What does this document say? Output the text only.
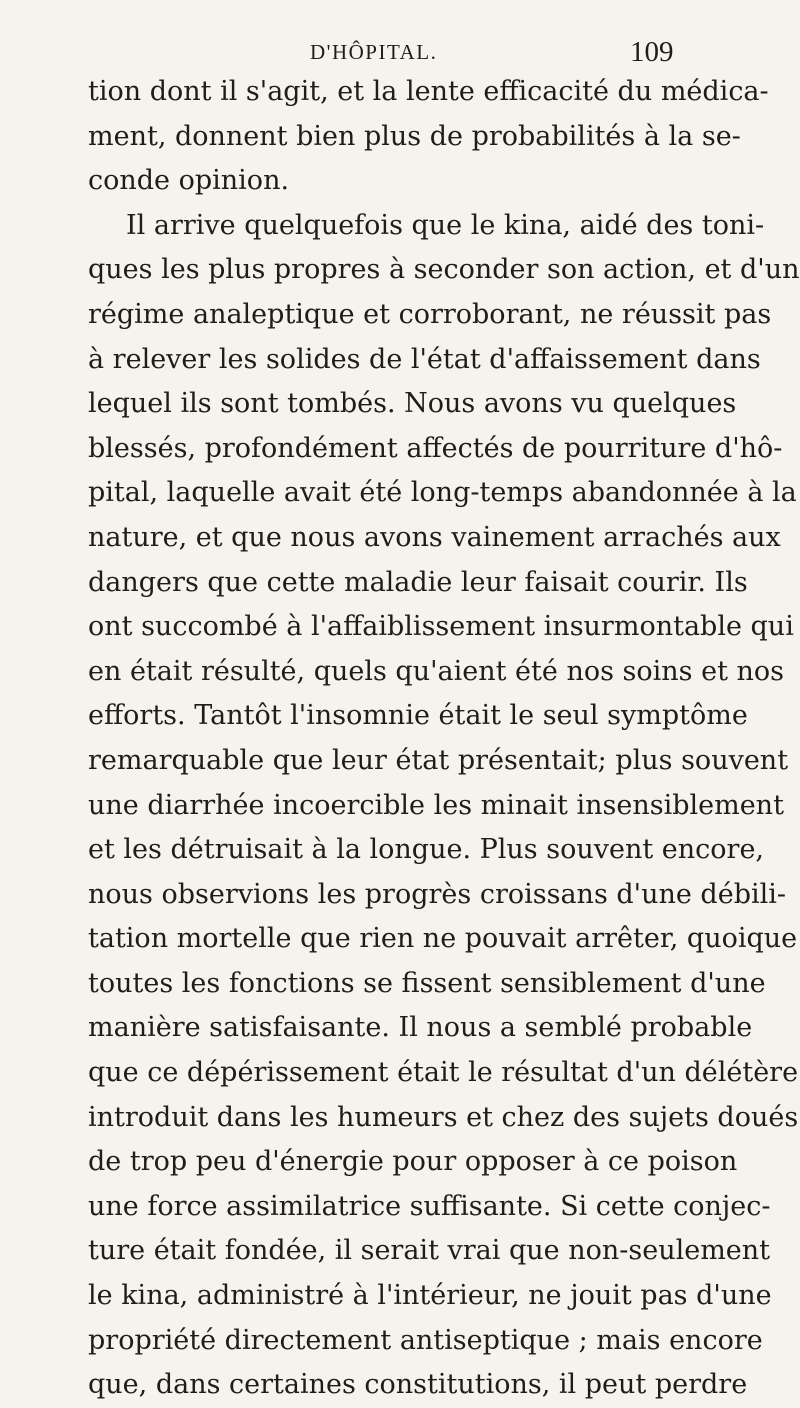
D'HÔPITAL.	109
tion dont il s'agit, et la lente efficacité du médica-
ment, donnent bien plus de probabilités à la se-
conde opinion.
Il arrive quelquefois que le kina, aidé des toni-
ques les plus propres à seconder son action, et d'un
régime analeptique et corroborant, ne réussit pas
à relever les solides de l'état d'affaissement dans
lequel ils sont tombés. Nous avons vu quelques
blessés, profondément affectés de pourriture d'hô-
pital, laquelle avait été long-temps abandonnée à la
nature, et que nous avons vainement arrachés aux
dangers que cette maladie leur faisait courir. Ils
ont succombé à l'affaiblissement insurmontable qui
en était résulté, quels qu'aient été nos soins et nos
efforts. Tantôt l'insomnie était le seul symptôme
remarquable que leur état présentait; plus souvent
une diarrhée incoercible les minait insensiblement
et les détruisait à la longue. Plus souvent encore,
nous observions les progrès croissans d'une débili-
tation mortelle que rien ne pouvait arrêter, quoique
toutes les fonctions se fissent sensiblement d'une
manière satisfaisante. Il nous a semblé probable
que ce dépérissement était le résultat d'un délétère
introduit dans les humeurs et chez des sujets doués
de trop peu d'énergie pour opposer à ce poison
une force assimilatrice suffisante. Si cette conjec-
ture était fondée, il serait vrai que non-seulement
le kina, administré à l'intérieur, ne jouit pas d'une
propriété directement antiseptique ; mais encore
que, dans certaines constitutions, il peut perdre
